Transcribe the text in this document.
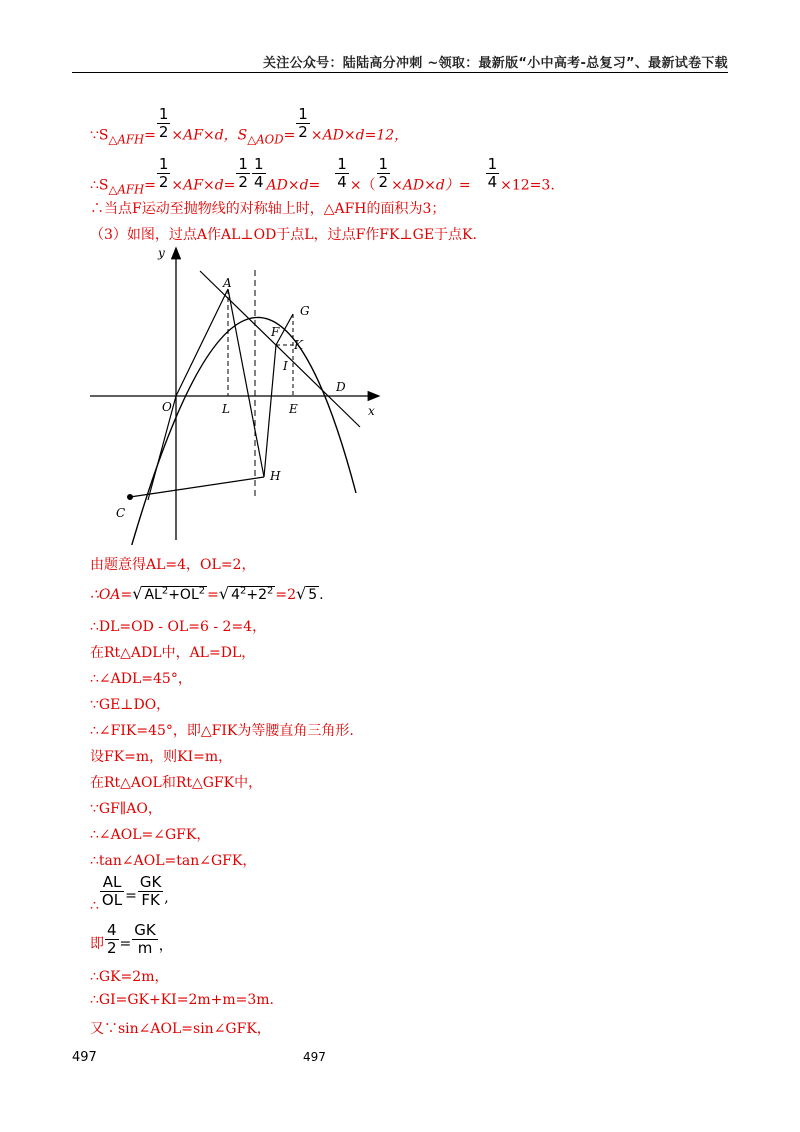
关注公众号：陆陆高分冲刺 ~领取：最新版“小中高考-总复习”、最新试卷下载
$\because S_{\triangle AFH}= \frac{1}{2} \times AF\times d$，$S_{\triangle AOD}= \frac{1}{2} \times AD\times d=12$，
$\therefore S_{\triangle AFH}= \frac{1}{2} \times AF\times d= \frac{1}{2} \frac{1}{4} AD\times d= \frac{1}{4}$ ×（ $\frac{1}{2} \times AD\times d)= \frac{1}{4} \times 12=3$.
∴当点F运动至抛物线的对称轴上时，△AFH的面积为3；
（3）如图，过点A作AL⊥OD于点L，过点F作FK⊥GE于点K.
y
x
O
A
L	E
D
F
G
K
I
H
C
由题意得AL=4，OL=2，
∴OA=√ $AL^2+OL^2$ =√ $4^2+2^2 =2√$ 5 .
∴DL=OD - OL=6 - 2=4，
在Rt△ADL中，AL=DL，
∴∠ADL=45°，
∵GE⊥DO，
∴∠FIK=45°，即△FIK为等腰直角三角形.
设FK=m，则KI=m，
在Rt△AOL和Rt△GFK中，
∵GF∥AO，
∴∠AOL=∠GFK，
∴tan∠AOL=tan∠GFK，
∴ $\frac{AL}{OL} = \frac{GK}{FK}$ ,
即 $\frac{4}{2} = \frac{GK}{m}$ ，
∴GK=2m，
∴GI=GK+KI=2m+m=3m.
又∵sin∠AOL=sin∠GFK，
497	497
